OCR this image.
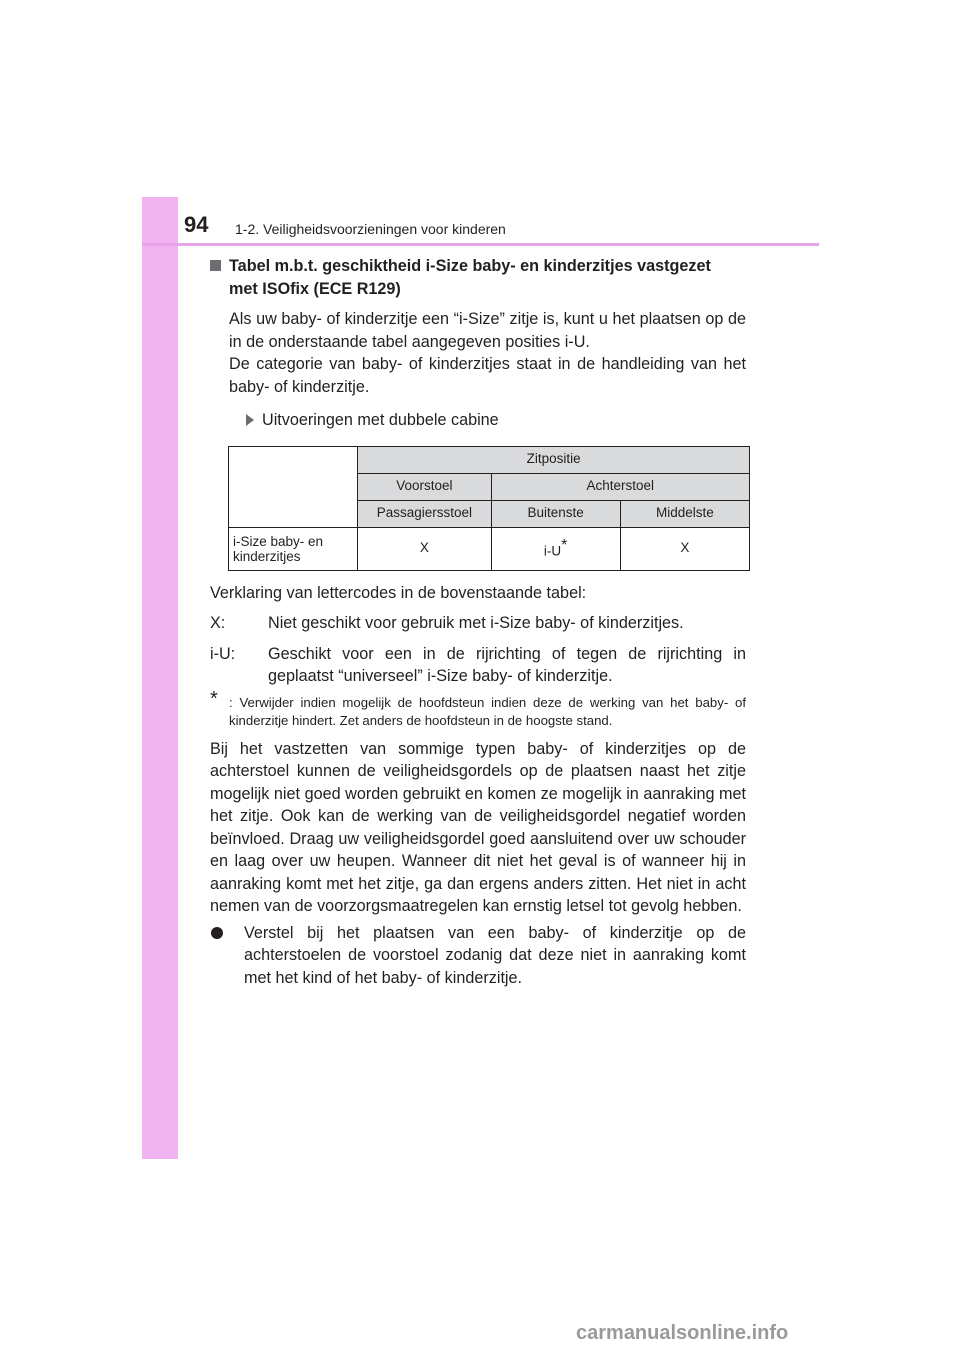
94 1-2. Veiligheidsvoorzieningen voor kinderen
Tabel m.b.t. geschiktheid i-Size baby- en kinderzitjes vastgezet
met ISOfix (ECE R129)
Als uw baby- of kinderzitje een “i-Size” zitje is, kunt u het plaatsen op de in de onderstaande tabel aangegeven posities i-U.
De categorie van baby- of kinderzitjes staat in de handleiding van het baby- of kinderzitje.
Uitvoeringen met dubbele cabine
	Zitpositie		
	Voorstoel	Achterstoel	
	Passagiersstoel	Buitenste	Middelste
i-Size baby- en kinderzitjes	X	i-U*	X
Verklaring van lettercodes in de bovenstaande tabel:
X:	Niet geschikt voor gebruik met i-Size baby- of kinderzitjes.
i-U: Geschikt voor een in de rijrichting of tegen de rijrichting in geplaatst “universeel” i-Size baby- of kinderzitje.
* : Verwijder indien mogelijk de hoofdsteun indien deze de werking van het baby- of kinderzitje hindert. Zet anders de hoofdsteun in de hoogste stand.
Bij het vastzetten van sommige typen baby- of kinderzitjes op de achterstoel kunnen de veiligheidsgordels op de plaatsen naast het zitje mogelijk niet goed worden gebruikt en komen ze mogelijk in aanraking met het zitje. Ook kan de werking van de veiligheidsgordel negatief worden beïnvloed. Draag uw veiligheidsgordel goed aansluitend over uw schouder en laag over uw heupen. Wanneer dit niet het geval is of wanneer hij in aanraking komt met het zitje, ga dan ergens anders zitten. Het niet in acht nemen van de voorzorgsmaatregelen kan ernstig letsel tot gevolg hebben.
Verstel bij het plaatsen van een baby- of kinderzitje op de achterstoelen de voorstoel zodanig dat deze niet in aanraking komt met het kind of het baby- of kinderzitje.
carmanualsonline.info
